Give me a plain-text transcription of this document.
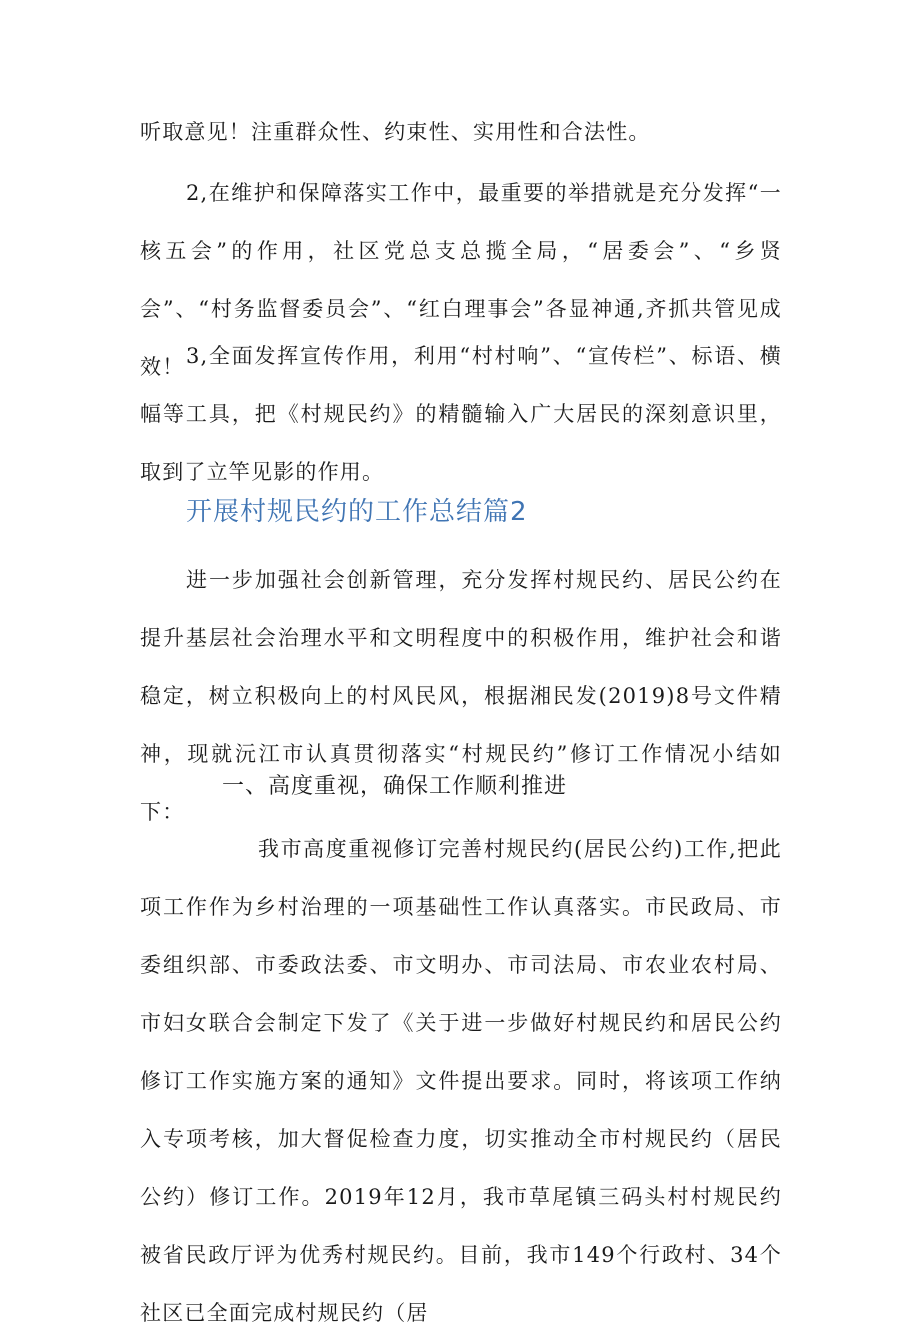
听取意见！注重群众性、约束性、实用性和合法性。

2,在维护和保障落实工作中，最重要的举措就是充分发挥“一核五会”的作用，社区党总支总揽全局，“居委会”、“乡贤会”、“村务监督委员会”、“红白理事会”各显神通,齐抓共管见成效！ 3,全面发挥宣传作用，利用“村村响”、“宣传栏”、标语、横幅等工具，把《村规民约》的精髓输入广大居民的深刻意识里，取到了立竿见影的作用。

开展村规民约的工作总结篇2

进一步加强社会创新管理，充分发挥村规民约、居民公约在提升基层社会治理水平和文明程度中的积极作用，维护社会和谐稳定，树立积极向上的村风民风，根据湘民发(2019)8号文件精神，现就沅江市认真贯彻落实“村规民约”修订工作情况小结如下：

一、高度重视，确保工作顺利推进

我市高度重视修订完善村规民约(居民公约)工作,把此项工作作为乡村治理的一项基础性工作认真落实。市民政局、市委组织部、市委政法委、市文明办、市司法局、市农业农村局、市妇女联合会制定下发了《关于进一步做好村规民约和居民公约修订工作实施方案的通知》文件提出要求。同时，将该项工作纳入专项考核，加大督促检查力度，切实推动全市村规民约（居民公约）修订工作。2019年12月，我市草尾镇三码头村村规民约被省民政厅评为优秀村规民约。目前，我市149个行政村、34个社区已全面完成村规民约（居
